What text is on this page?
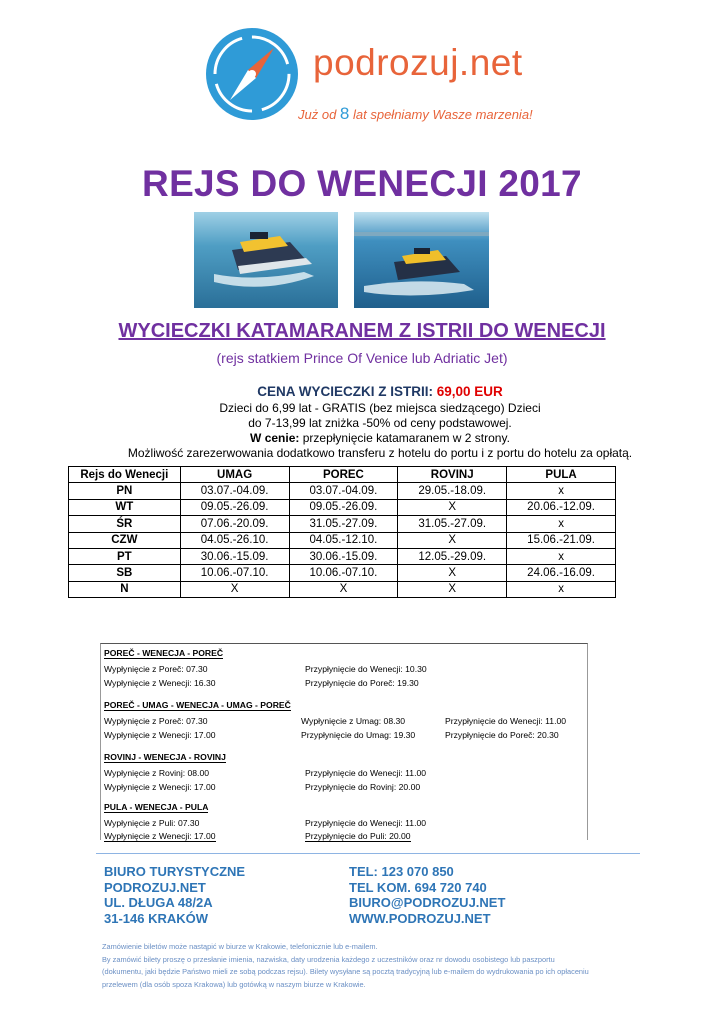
podrozuj.net
Już od 8 lat spełniamy Wasze marzenia!
REJS DO WENECJI 2017
WYCIECZKI KATAMARANEM Z ISTRII DO WENECJI
(rejs statkiem Prince Of Venice lub Adriatic Jet)
CENA WYCIECZKI Z ISTRII: 69,00 EUR
Dzieci do 6,99 lat - GRATIS (bez miejsca siedzącego) Dzieci
do 7-13,99 lat zniżka -50% od ceny podstawowej.
W cenie: przepłynięcie katamaranem w 2 strony.
Możliwość zarezerwowania dodatkowo transferu z hotelu do portu i z portu do hotelu za opłatą.
Rejs do Wenecji	UMAG	POREC	ROVINJ	PULA
PN	03.07.-04.09.	03.07.-04.09.	29.05.-18.09.	x
WT	09.05.-26.09.	09.05.-26.09.	X	20.06.-12.09.
ŚR	07.06.-20.09.	31.05.-27.09.	31.05.-27.09.	x
CZW	04.05.-26.10.	04.05.-12.10.	X	15.06.-21.09.
PT	30.06.-15.09.	30.06.-15.09.	12.05.-29.09.	x
SB	10.06.-07.10.	10.06.-07.10.	X	24.06.-16.09.
N	X	X	X	x
POREČ - WENECJA - POREČ
Wypłynięcie z Poreč: 07.30	Przypłynięcie do Wenecji: 10.30
Wypłynięcie z Wenecji: 16.30	Przypłynięcie do Poreč: 19.30
POREČ - UMAG - WENECJA - UMAG - POREČ
Wypłynięcie z Poreč: 07.30	Wypłynięcie z Umag: 08.30	Przypłynięcie do Wenecji: 11.00
Wypłynięcie z Wenecji: 17.00	Przypłynięcie do Umag: 19.30	Przypłynięcie do Poreč: 20.30
ROVINJ - WENECJA - ROVINJ
Wypłynięcie z Rovinj: 08.00	Przypłynięcie do Wenecji: 11.00
Wypłynięcie z Wenecji: 17.00	Przypłynięcie do Rovinj: 20.00
PULA - WENECJA - PULA
Wypłynięcie z Puli: 07.30	Przypłynięcie do Wenecji: 11.00
Wypłynięcie z Wenecji: 17.00	Przypłynięcie do Puli: 20.00
BIURO TURYSTYCZNE
PODROZUJ.NET
UL. DŁUGA 48/2A
31-146 KRAKÓW
TEL: 123 070 850
TEL KOM. 694 720 740
BIURO@PODROZUJ.NET
WWW.PODROZUJ.NET
Zamówienie biletów może nastąpić w biurze w Krakowie, telefonicznie lub e-mailem.
By zamówić bilety proszę o przesłanie imienia, nazwiska, daty urodzenia każdego z uczestników oraz nr dowodu osobistego lub paszportu
(dokumentu, jaki będzie Państwo mieli ze sobą podczas rejsu). Bilety wysyłane są pocztą tradycyjną lub e-mailem do wydrukowania po ich opłaceniu
przelewem (dla osób spoza Krakowa) lub gotówką w naszym biurze w Krakowie.
